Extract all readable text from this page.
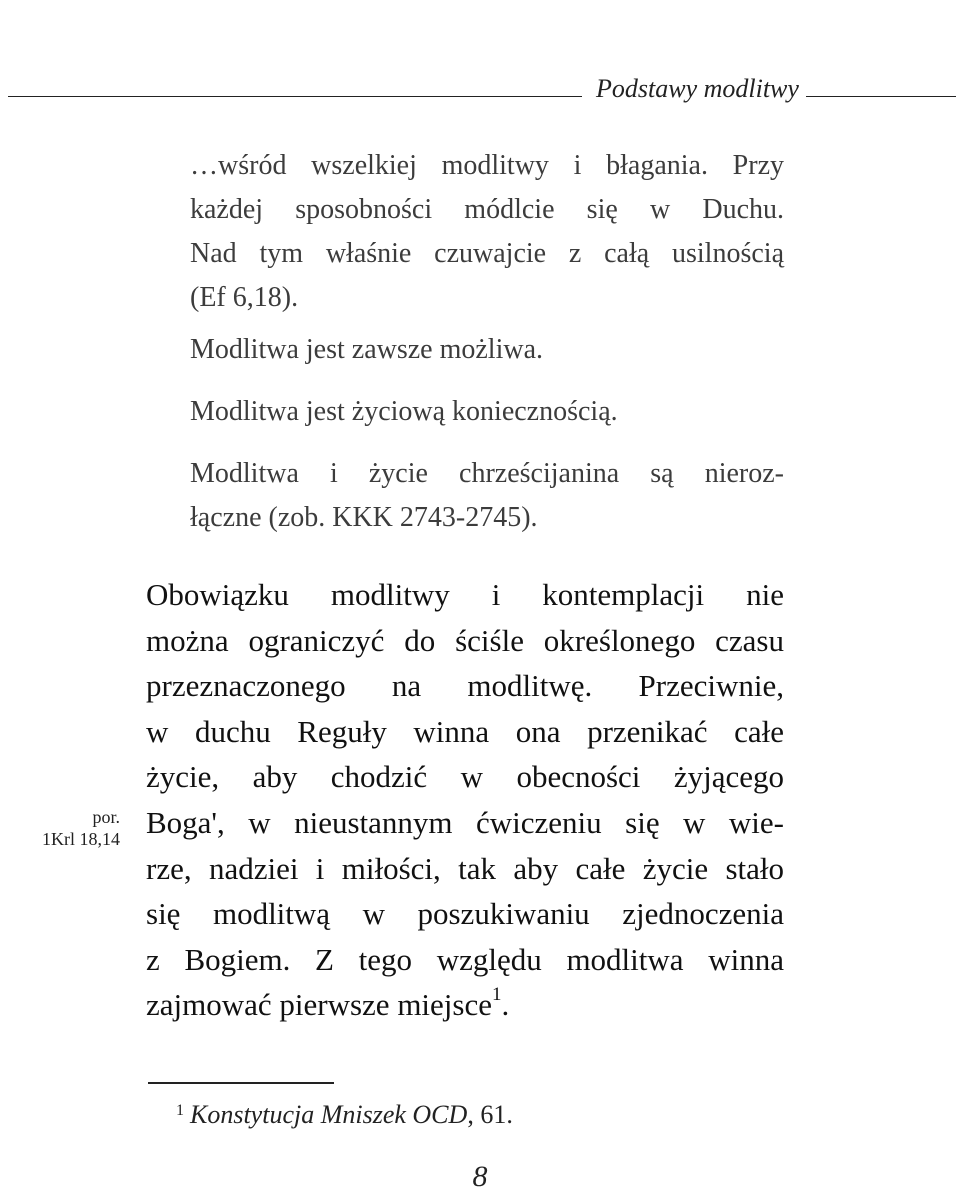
Podstawy modlitwy
…wśród wszelkiej modlitwy i błagania. Przy
każdej sposobności módlcie się w Duchu.
Nad tym właśnie czuwajcie z całą usilnością
(Ef 6,18).
Modlitwa jest zawsze możliwa.
Modlitwa jest życiową koniecznością.
Modlitwa i życie chrześcijanina są nieroz-
łączne (zob. KKK 2743-2745).
Obowiązku modlitwy i kontemplacji nie
można ograniczyć do ściśle określonego czasu
przeznaczonego na modlitwę. Przeciwnie,
w duchu Reguły winna ona przenikać całe
życie, aby chodzić w obecności żyjącego
Boga', w nieustannym ćwiczeniu się w wie-
rze, nadziei i miłości, tak aby całe życie stało
się modlitwą w poszukiwaniu zjednoczenia
z Bogiem. Z tego względu modlitwa winna
zajmować pierwsze miejsce$^1$.
por.
1Krl 18,14
$^1$ Konstytucja Mniszek OCD, 61.
8
